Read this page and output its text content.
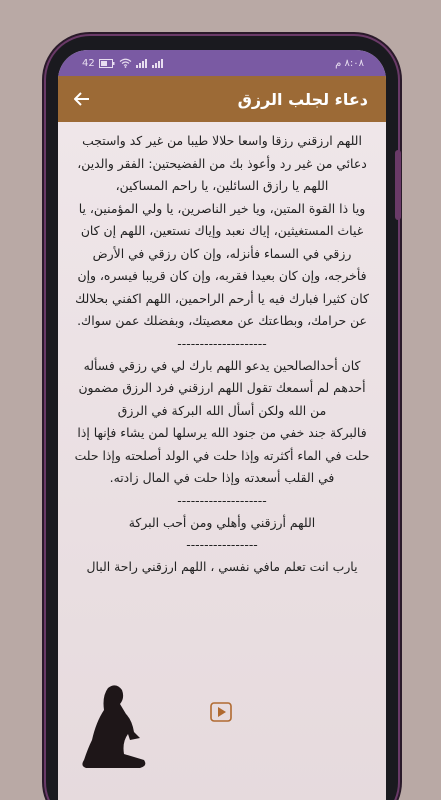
42	٨:٠٨ م
دعاء لجلب الرزق

اللهم ارزقني رزقا واسعا حلالا طيبا من غير كد واستجب دعائي من غير رد وأعوذ بك من الفضيحتين: الفقر والدين، اللهم يا رازق السائلين، يا راحم المساكين،

ويا ذا القوة المتين، ويا خير الناصرين، يا ولي المؤمنين، يا غياث المستغيثين، إياك نعبد وإياك نستعين، اللهم إن كان رزقي في السماء فأنزله، وإن كان رزقي في الأرض فأخرجه، وإن كان بعيدا فقربه، وإن كان قريبا فيسره، وإن كان كثيرا فبارك فيه يا أرحم الراحمين، اللهم اكفني بحلالك عن حرامك، وبطاعتك عن معصيتك، وبفضلك عمن سواك.

--------------------

كان أحدالصالحين يدعو اللهم بارك لي في رزقي فسأله أحدهم لم أسمعك تقول اللهم ارزقني فرد الرزق مضمون من الله ولكن أسأل الله البركة في الرزق

فالبركة جند خفي من جنود الله يرسلها لمن يشاء فإنها إذا حلت في الماء أكثرته وإذا حلت في الولد أصلحته وإذا حلت في القلب أسعدته وإذا حلت في المال زادته.

--------------------

اللهم أرزقني وأهلي ومن أحب البركة

----------------

يارب انت تعلم مافي نفسي ، اللهم ارزقني راحة البال
